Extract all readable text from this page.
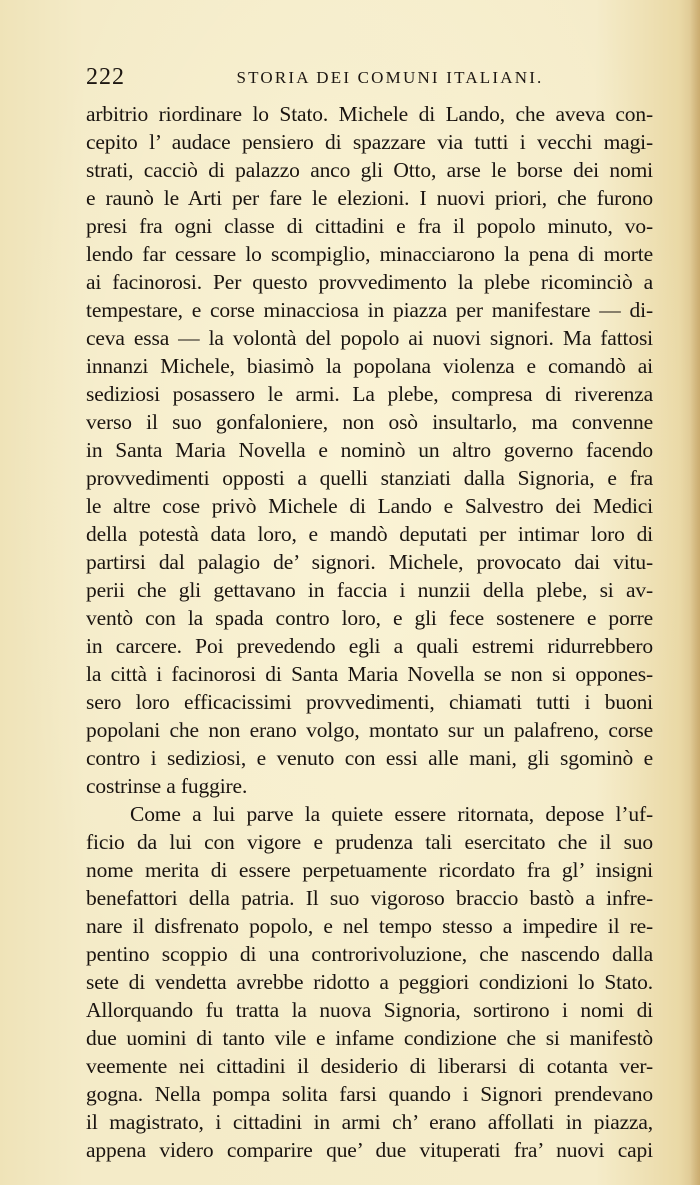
222	STORIA DEI COMUNI ITALIANI.
arbitrio riordinare lo Stato. Michele di Lando, che aveva con-
cepito l’ audace pensiero di spazzare via tutti i vecchi magi-
strati, cacciò di palazzo anco gli Otto, arse le borse dei nomi
e raunò le Arti per fare le elezioni. I nuovi priori, che furono
presi fra ogni classe di cittadini e fra il popolo minuto, vo-
lendo far cessare lo scompiglio, minacciarono la pena di morte
ai facinorosi. Per questo provvedimento la plebe ricominciò a
tempestare, e corse minacciosa in piazza per manifestare — di-
ceva essa — la volontà del popolo ai nuovi signori. Ma fattosi
innanzi Michele, biasimò la popolana violenza e comandò ai
sediziosi posassero le armi. La plebe, compresa di riverenza
verso il suo gonfaloniere, non osò insultarlo, ma convenne
in Santa Maria Novella e nominò un altro governo facendo
provvedimenti opposti a quelli stanziati dalla Signoria, e fra
le altre cose privò Michele di Lando e Salvestro dei Medici
della potestà data loro, e mandò deputati per intimar loro di
partirsi dal palagio de’ signori. Michele, provocato dai vitu-
perii che gli gettavano in faccia i nunzii della plebe, si av-
ventò con la spada contro loro, e gli fece sostenere e porre
in carcere. Poi prevedendo egli a quali estremi ridurrebbero
la città i facinorosi di Santa Maria Novella se non si oppones-
sero loro efficacissimi provvedimenti, chiamati tutti i buoni
popolani che non erano volgo, montato sur un palafreno, corse
contro i sediziosi, e venuto con essi alle mani, gli sgominò e
costrinse a fuggire.
Come a lui parve la quiete essere ritornata, depose l’uf-
ficio da lui con vigore e prudenza tali esercitato che il suo
nome merita di essere perpetuamente ricordato fra gl’ insigni
benefattori della patria. Il suo vigoroso braccio bastò a infre-
nare il disfrenato popolo, e nel tempo stesso a impedire il re-
pentino scoppio di una controrivoluzione, che nascendo dalla
sete di vendetta avrebbe ridotto a peggiori condizioni lo Stato.
Allorquando fu tratta la nuova Signoria, sortirono i nomi di
due uomini di tanto vile e infame condizione che si manifestò
veemente nei cittadini il desiderio di liberarsi di cotanta ver-
gogna. Nella pompa solita farsi quando i Signori prendevano
il magistrato, i cittadini in armi ch’ erano affollati in piazza,
appena videro comparire que’ due vituperati fra’ nuovi capi
